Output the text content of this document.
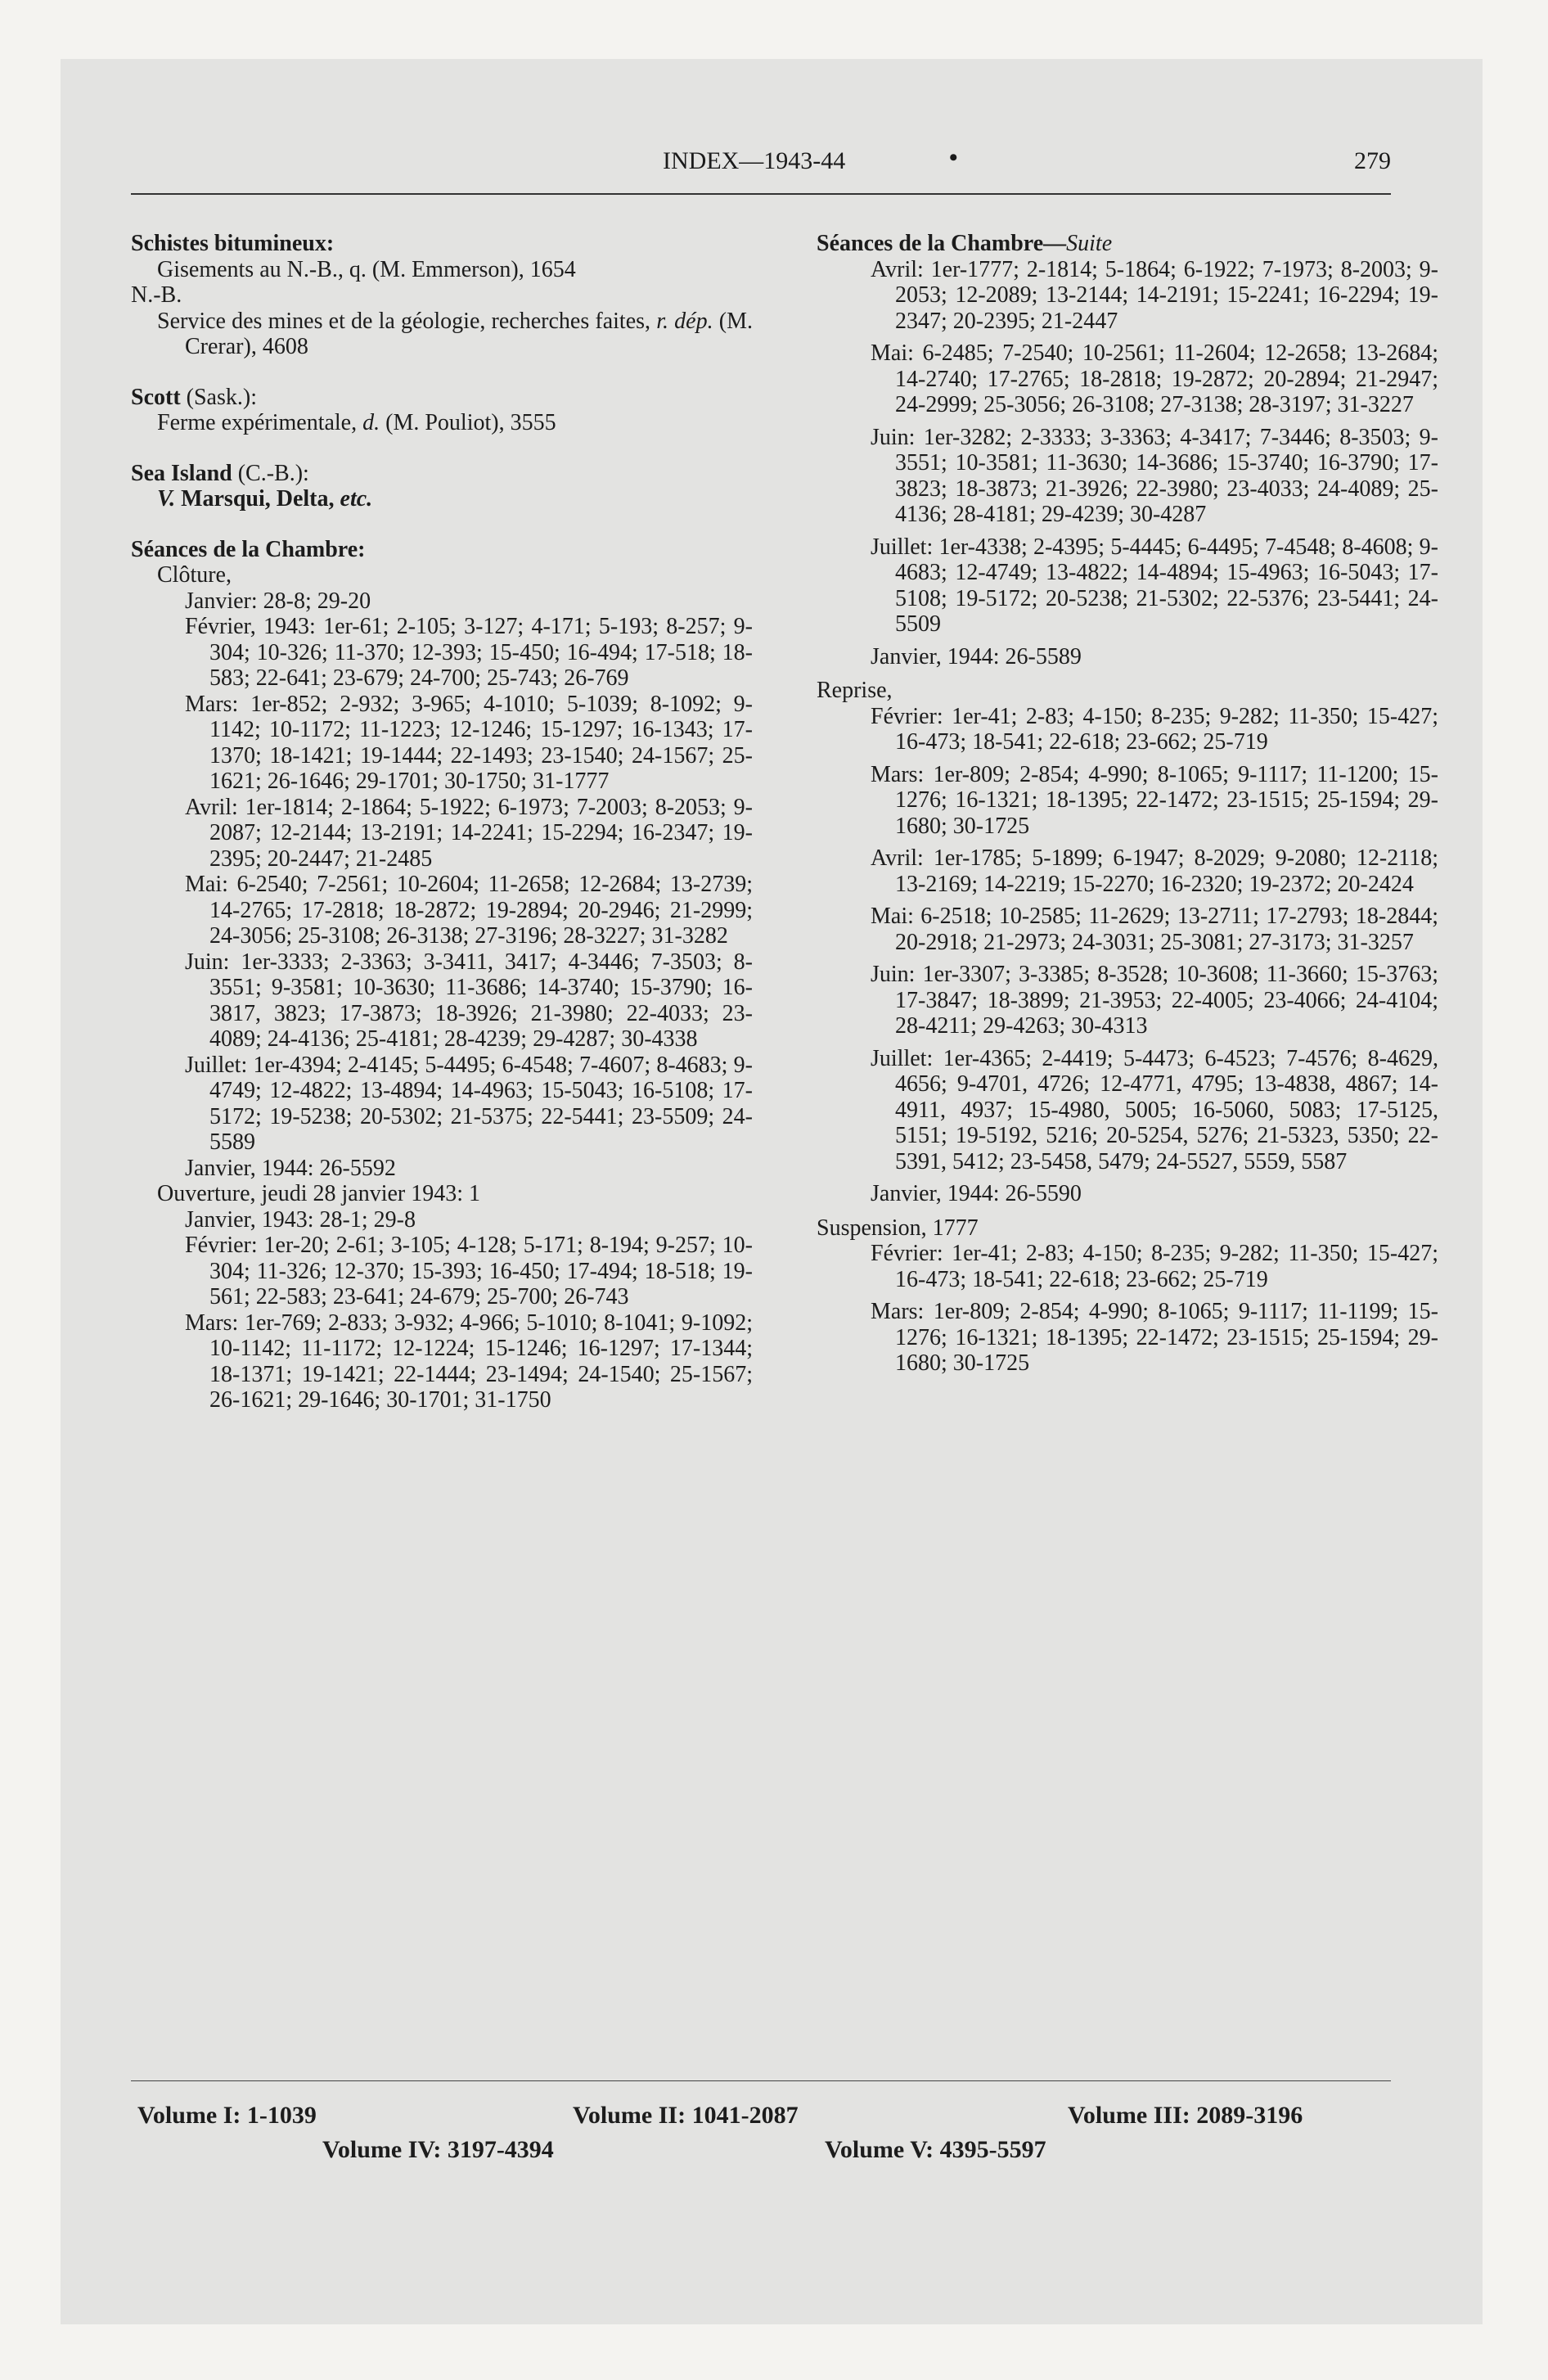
INDEX—1943-44	•	279
Schistes bitumineux:
Gisements au N.-B., q. (M. Emmerson), 1654
N.-B.
Service des mines et de la géologie, recherches faites, r. dép. (M. Crerar), 4608
Scott (Sask.):
Ferme expérimentale, d. (M. Pouliot), 3555
Sea Island (C.-B.):
V. Marsqui, Delta, etc.
Séances de la Chambre:
Clôture,
Janvier: 28-8; 29-20
Février, 1943: 1er-61; 2-105; 3-127; 4-171; 5-193; 8-257; 9-304; 10-326; 11-370; 12-393; 15-450; 16-494; 17-518; 18-583; 22-641; 23-679; 24-700; 25-743; 26-769
Mars: 1er-852; 2-932; 3-965; 4-1010; 5-1039; 8-1092; 9-1142; 10-1172; 11-1223; 12-1246; 15-1297; 16-1343; 17-1370; 18-1421; 19-1444; 22-1493; 23-1540; 24-1567; 25-1621; 26-1646; 29-1701; 30-1750; 31-1777
Avril: 1er-1814; 2-1864; 5-1922; 6-1973; 7-2003; 8-2053; 9-2087; 12-2144; 13-2191; 14-2241; 15-2294; 16-2347; 19-2395; 20-2447; 21-2485
Mai: 6-2540; 7-2561; 10-2604; 11-2658; 12-2684; 13-2739; 14-2765; 17-2818; 18-2872; 19-2894; 20-2946; 21-2999; 24-3056; 25-3108; 26-3138; 27-3196; 28-3227; 31-3282
Juin: 1er-3333; 2-3363; 3-3411, 3417; 4-3446; 7-3503; 8-3551; 9-3581; 10-3630; 11-3686; 14-3740; 15-3790; 16-3817, 3823; 17-3873; 18-3926; 21-3980; 22-4033; 23-4089; 24-4136; 25-4181; 28-4239; 29-4287; 30-4338
Juillet: 1er-4394; 2-4145; 5-4495; 6-4548; 7-4607; 8-4683; 9-4749; 12-4822; 13-4894; 14-4963; 15-5043; 16-5108; 17-5172; 19-5238; 20-5302; 21-5375; 22-5441; 23-5509; 24-5589
Janvier, 1944: 26-5592
Ouverture, jeudi 28 janvier 1943: 1
Janvier, 1943: 28-1; 29-8
Février: 1er-20; 2-61; 3-105; 4-128; 5-171; 8-194; 9-257; 10-304; 11-326; 12-370; 15-393; 16-450; 17-494; 18-518; 19-561; 22-583; 23-641; 24-679; 25-700; 26-743
Mars: 1er-769; 2-833; 3-932; 4-966; 5-1010; 8-1041; 9-1092; 10-1142; 11-1172; 12-1224; 15-1246; 16-1297; 17-1344; 18-1371; 19-1421; 22-1444; 23-1494; 24-1540; 25-1567; 26-1621; 29-1646; 30-1701; 31-1750
Séances de la Chambre—Suite
Avril: 1er-1777; 2-1814; 5-1864; 6-1922; 7-1973; 8-2003; 9-2053; 12-2089; 13-2144; 14-2191; 15-2241; 16-2294; 19-2347; 20-2395; 21-2447
Mai: 6-2485; 7-2540; 10-2561; 11-2604; 12-2658; 13-2684; 14-2740; 17-2765; 18-2818; 19-2872; 20-2894; 21-2947; 24-2999; 25-3056; 26-3108; 27-3138; 28-3197; 31-3227
Juin: 1er-3282; 2-3333; 3-3363; 4-3417; 7-3446; 8-3503; 9-3551; 10-3581; 11-3630; 14-3686; 15-3740; 16-3790; 17-3823; 18-3873; 21-3926; 22-3980; 23-4033; 24-4089; 25-4136; 28-4181; 29-4239; 30-4287
Juillet: 1er-4338; 2-4395; 5-4445; 6-4495; 7-4548; 8-4608; 9-4683; 12-4749; 13-4822; 14-4894; 15-4963; 16-5043; 17-5108; 19-5172; 20-5238; 21-5302; 22-5376; 23-5441; 24-5509
Janvier, 1944: 26-5589
Reprise,
Février: 1er-41; 2-83; 4-150; 8-235; 9-282; 11-350; 15-427; 16-473; 18-541; 22-618; 23-662; 25-719
Mars: 1er-809; 2-854; 4-990; 8-1065; 9-1117; 11-1200; 15-1276; 16-1321; 18-1395; 22-1472; 23-1515; 25-1594; 29-1680; 30-1725
Avril: 1er-1785; 5-1899; 6-1947; 8-2029; 9-2080; 12-2118; 13-2169; 14-2219; 15-2270; 16-2320; 19-2372; 20-2424
Mai: 6-2518; 10-2585; 11-2629; 13-2711; 17-2793; 18-2844; 20-2918; 21-2973; 24-3031; 25-3081; 27-3173; 31-3257
Juin: 1er-3307; 3-3385; 8-3528; 10-3608; 11-3660; 15-3763; 17-3847; 18-3899; 21-3953; 22-4005; 23-4066; 24-4104; 28-4211; 29-4263; 30-4313
Juillet: 1er-4365; 2-4419; 5-4473; 6-4523; 7-4576; 8-4629, 4656; 9-4701, 4726; 12-4771, 4795; 13-4838, 4867; 14-4911, 4937; 15-4980, 5005; 16-5060, 5083; 17-5125, 5151; 19-5192, 5216; 20-5254, 5276; 21-5323, 5350; 22-5391, 5412; 23-5458, 5479; 24-5527, 5559, 5587
Janvier, 1944: 26-5590
Suspension, 1777
Février: 1er-41; 2-83; 4-150; 8-235; 9-282; 11-350; 15-427; 16-473; 18-541; 22-618; 23-662; 25-719
Mars: 1er-809; 2-854; 4-990; 8-1065; 9-1117; 11-1199; 15-1276; 16-1321; 18-1395; 22-1472; 23-1515; 25-1594; 29-1680; 30-1725
Volume I: 1-1039	Volume II: 1041-2087	Volume III: 2089-3196
Volume IV: 3197-4394	Volume V: 4395-5597
